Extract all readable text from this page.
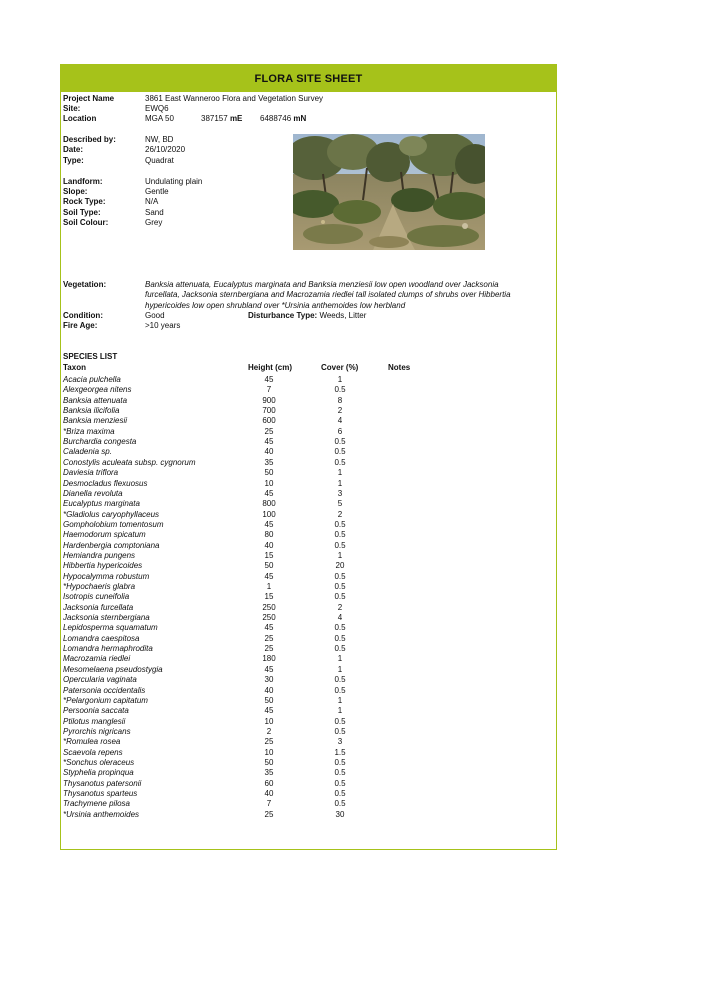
FLORA SITE SHEET
Project Name	3861 East Wanneroo Flora and Vegetation Survey
Site:	EWQ6
Location	MGA 50	387157 mE 6488746 mN
Described by:	NW, BD
Date:	26/10/2020
Type:	Quadrat
Landform:	Undulating plain
Slope:	Gentle
Rock Type:	N/A
Soil Type:	Sand
Soil Colour:	Grey
Vegetation:	Banksia attenuata, Eucalyptus marginata and Banksia menziesii low open woodland over Jacksonia furcellata, Jacksonia sternbergiana and Macrozamia riedlei tall isolated clumps of shrubs over Hibbertia hypericoides low open shrubland over *Ursinia anthemoides low herbland
Condition:	Good	Disturbance Type: Weeds, Litter
Fire Age:	>10 years
SPECIES LIST
Taxon	Height (cm)	Cover (%)	Notes
Acacia pulchella	45	1
Alexgeorgea nitens	7	0.5
Banksia attenuata	900	8
Banksia ilicifolia	700	2
Banksia menziesii	600	4
*Briza maxima	25	6
Burchardia congesta	45	0.5
Caladenia sp.	40	0.5
Conostylis aculeata subsp. cygnorum	35	0.5
Daviesia triflora	50	1
Desmocladus flexuosus	10	1
Dianella revoluta	45	3
Eucalyptus marginata	800	5
*Gladiolus caryophyllaceus	100	2
Gompholobium tomentosum	45	0.5
Haemodorum spicatum	80	0.5
Hardenbergia comptoniana	40	0.5
Hemiandra pungens	15	1
Hibbertia hypericoides	50	20
Hypocalymma robustum	45	0.5
*Hypochaeris glabra	1	0.5
Isotropis cuneifolia	15	0.5
Jacksonia furcellata	250	2
Jacksonia sternbergiana	250	4
Lepidosperma squamatum	45	0.5
Lomandra caespitosa	25	0.5
Lomandra hermaphrodita	25	0.5
Macrozamia riedlei	180	1
Mesomelaena pseudostygia	45	1
Opercularia vaginata	30	0.5
Patersonia occidentalis	40	0.5
*Pelargonium capitatum	50	1
Persoonia saccata	45	1
Ptilotus manglesii	10	0.5
Pyrorchis nigricans	2	0.5
*Romulea rosea	25	3
Scaevola repens	10	1.5
*Sonchus oleraceus	50	0.5
Styphelia propinqua	35	0.5
Thysanotus patersonii	60	0.5
Thysanotus sparteus	40	0.5
Trachymene pilosa	7	0.5
*Ursinia anthemoides	25	30
